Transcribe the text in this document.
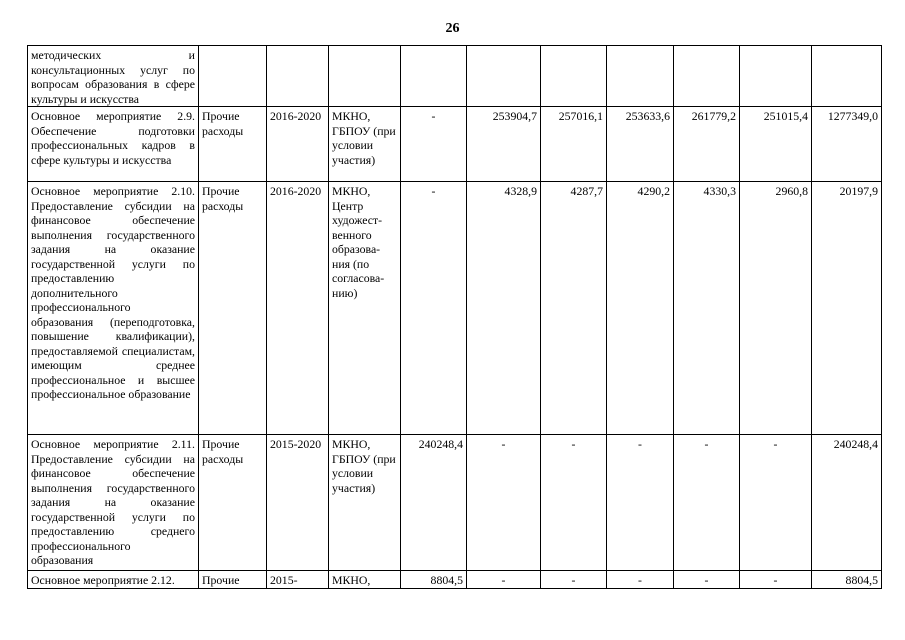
26
методических и консультационных услуг по вопросам образования в сфере культуры и искусства										
Основное мероприятие 2.9. Обеспечение подготовки профессиональных кадров в сфере культуры и искусства	Прочие расходы	2016-2020	МКНО, ГБПОУ (при условии участия)	-	253904,7	257016,1	253633,6	261779,2	251015,4	1277349,0
Основное мероприятие 2.10. Предоставление субсидии на финансовое обеспечение выполнения государственного задания на оказание государственной услуги по предоставлению дополнительного профессионального образования (переподготовка, повышение квалификации), предоставляемой специалистам, имеющим среднее профессиональное и высшее профессиональное образование	Прочие расходы	2016-2020	МКНО, Центр художест-венного образова-ния (по согласова-нию)	-	4328,9	4287,7	4290,2	4330,3	2960,8	20197,9
Основное мероприятие 2.11. Предоставление субсидии на финансовое обеспечение выполнения государственного задания на оказание государственной услуги по предоставлению среднего профессионального образования	Прочие расходы	2015-2020	МКНО, ГБПОУ (при условии участия)	240248,4	-	-	-	-	-	240248,4
Основное мероприятие 2.12.	Прочие	2015-	МКНО,	8804,5	-	-	-	-	-	8804,5
